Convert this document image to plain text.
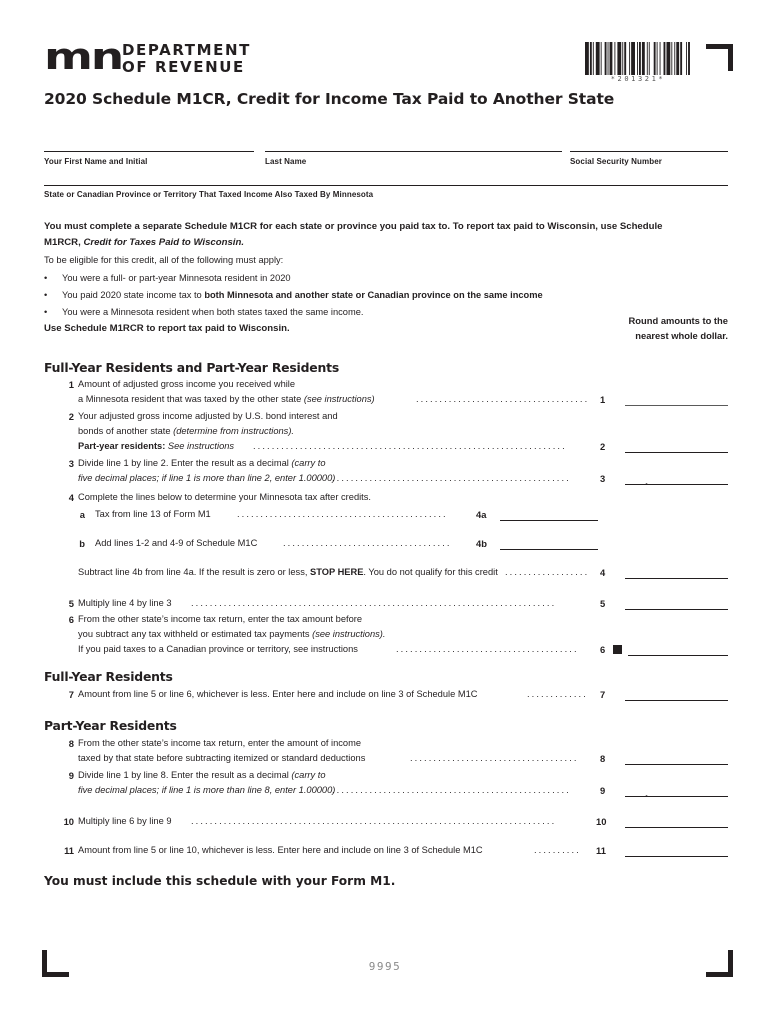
mn DEPARTMENT
OF REVENUE
*201321*
2020 Schedule M1CR, Credit for Income Tax Paid to Another State
Your First Name and Initial	Last Name	Social Security Number
State or Canadian Province or Territory That Taxed Income Also Taxed By Minnesota
You must complete a separate Schedule M1CR for each state or province you paid tax to. To report tax paid to Wisconsin, use Schedule
M1RCR, Credit for Taxes Paid to Wisconsin.
To be eligible for this credit, all of the following must apply:
• You were a full- or part-year Minnesota resident in 2020
• You paid 2020 state income tax to both Minnesota and another state or Canadian province on the same income
• You were a Minnesota resident when both states taxed the same income.
Use Schedule M1RCR to report tax paid to Wisconsin.
Round amounts to the
nearest whole dollar.
Full-Year Residents and Part-Year Residents
1 Amount of adjusted gross income you received while
a Minnesota resident that was taxed by the other state (see instructions)	.....................................	1
2 Your adjusted gross income adjusted by U.S. bond interest and
bonds of another state (determine from instructions).
Part-year residents: See instructions ...................................................................	2
3 Divide line 1 by line 2. Enter the result as a decimal (carry to
five decimal places; if line 1 is more than line 2, enter 1.00000)
...................................................	3	.
4 Complete the lines below to determine your Minnesota tax after credits.
a Tax from line 13 of Form M1	.............................................	4a
b Add lines 1-2 and 4-9 of Schedule M1C	....................................	4b
Subtract line 4b from line 4a. If the result is zero or less, STOP HERE. You do not qualify for this credit ..................	4
5 Multiply line 4 by line 3 ..............................................................................	5
6 From the other state’s income tax return, enter the tax amount before
you subtract any tax withheld or estimated tax payments (see instructions).
If you paid taxes to a Canadian province or territory, see instructions	.......................................	6
Full-Year Residents
7 Amount from line 5 or line 6, whichever is less. Enter here and include on line 3 of Schedule M1C	.............	7
Part-Year Residents
8 From the other state’s income tax return, enter the amount of income
taxed by that state before subtracting itemized or standard deductions	....................................	8
9 Divide line 1 by line 8. Enter the result as a decimal (carry to
five decimal places; if line 1 is more than line 8, enter 1.00000)
...................................................	9	.
10 Multiply line 6 by line 9 ..............................................................................	10
11 Amount from line 5 or line 10, whichever is less. Enter here and include on line 3 of Schedule M1C	..........	11
You must include this schedule with your Form M1.
9995
